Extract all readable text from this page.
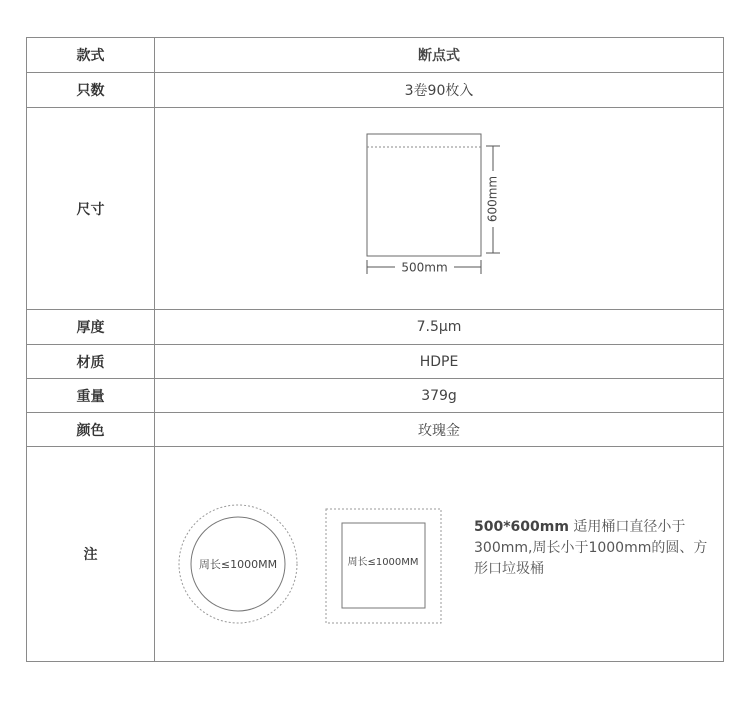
款式	断点式
只数	3卷90枚入
尺寸	500mm
600mm

厚度	7.5μm
材质	HDPE
重量	379g
颜色	玫瑰金
注	周长≤1000MM 周长≤1000MM
500*600mm 适用桶口直径小于300mm,周长小于1000mm的圆、方形口垃圾桶
